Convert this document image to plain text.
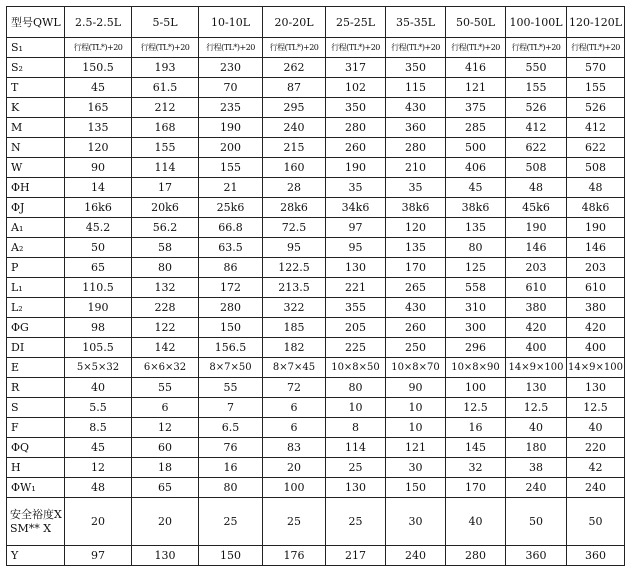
型号QWL	2.5-2.5L	5-5L	10-10L	20-20L	25-25L	35-35L	50-50L	100-100L	120-120L
S₁	行程(TL*)+20	行程(TL*)+20	行程(TL*)+20	行程(TL*)+20	行程(TL*)+20	行程(TL*)+20	行程(TL*)+20	行程(TL*)+20	行程(TL*)+20
S₂	150.5	193	230	262	317	350	416	550	570
T	45	61.5	70	87	102	115	121	155	155
K	165	212	235	295	350	430	375	526	526
M	135	168	190	240	280	360	285	412	412
N	120	155	200	215	260	280	500	622	622
W	90	114	155	160	190	210	406	508	508
ΦH	14	17	21	28	35	35	45	48	48
ΦJ	16k6	20k6	25k6	28k6	34k6	38k6	38k6	45k6	48k6
A₁	45.2	56.2	66.8	72.5	97	120	135	190	190
A₂	50	58	63.5	95	95	135	80	146	146
P	65	80	86	122.5	130	170	125	203	203
L₁	110.5	132	172	213.5	221	265	558	610	610
L₂	190	228	280	322	355	430	310	380	380
ΦG	98	122	150	185	205	260	300	420	420
DI	105.5	142	156.5	182	225	250	296	400	400
E	5×5×32	6×6×32	8×7×50	8×7×45	10×8×50	10×8×70	10×8×90	14×9×100	14×9×100
R	40	55	55	72	80	90	100	130	130
S	5.5	6	7	6	10	10	12.5	12.5	12.5
F	8.5	12	6.5	6	8	10	16	40	40
ΦQ	45	60	76	83	114	121	145	180	220
H	12	18	16	20	25	30	32	38	42
ΦW₁	48	65	80	100	130	150	170	240	240
安全裕度X SM** X	20	20	25	25	25	30	40	50	50
Y	97	130	150	176	217	240	280	360	360
